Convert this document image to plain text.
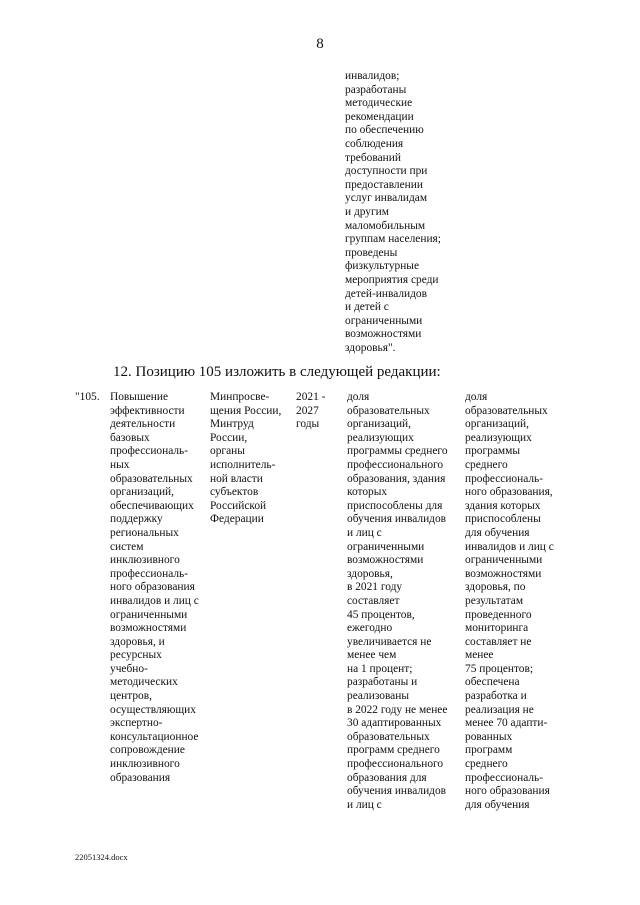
8
инвалидов;
разработаны
методические
рекомендации
по обеспечению
соблюдения
требований
доступности при
предоставлении
услуг инвалидам
и другим
маломобильным
группам населения;
проведены
физкультурные
мероприятия среди
детей-инвалидов
и детей с
ограниченными
возможностями
здоровья".
12. Позицию 105 изложить в следующей редакции:
"105. Повышение
эффективности
деятельности
базовых
профессиональ-
ных
образовательных
организаций,
обеспечивающих
поддержку
региональных
систем
инклюзивного
профессиональ-
ного образования
инвалидов и лиц с
ограниченными
возможностями
здоровья, и
ресурсных
учебно-
методических
центров,
осуществляющих
экспертно-
консультационное
сопровождение
инклюзивного
образования
Минпросве-
щения России,
Минтруд
России,
органы
исполнитель-
ной власти
субъектов
Российской
Федерации
2021 -
2027
годы
доля
образовательных
организаций,
реализующих
программы среднего
профессионального
образования, здания
которых
приспособлены для
обучения инвалидов
и лиц с
ограниченными
возможностями
здоровья,
в 2021 году
составляет
45 процентов,
ежегодно
увеличивается не
менее чем
на 1 процент;
разработаны и
реализованы
в 2022 году не менее
30 адаптированных
образовательных
программ среднего
профессионального
образования для
обучения инвалидов
и лиц с
доля
образовательных
организаций,
реализующих
программы
среднего
профессиональ-
ного образования,
здания которых
приспособлены
для обучения
инвалидов и лиц с
ограниченными
возможностями
здоровья, по
результатам
проведенного
мониторинга
составляет не
менее
75 процентов;
обеспечена
разработка и
реализация не
менее 70 адапти-
рованных
программ
среднего
профессиональ-
ного образования
для обучения
22051324.docx
